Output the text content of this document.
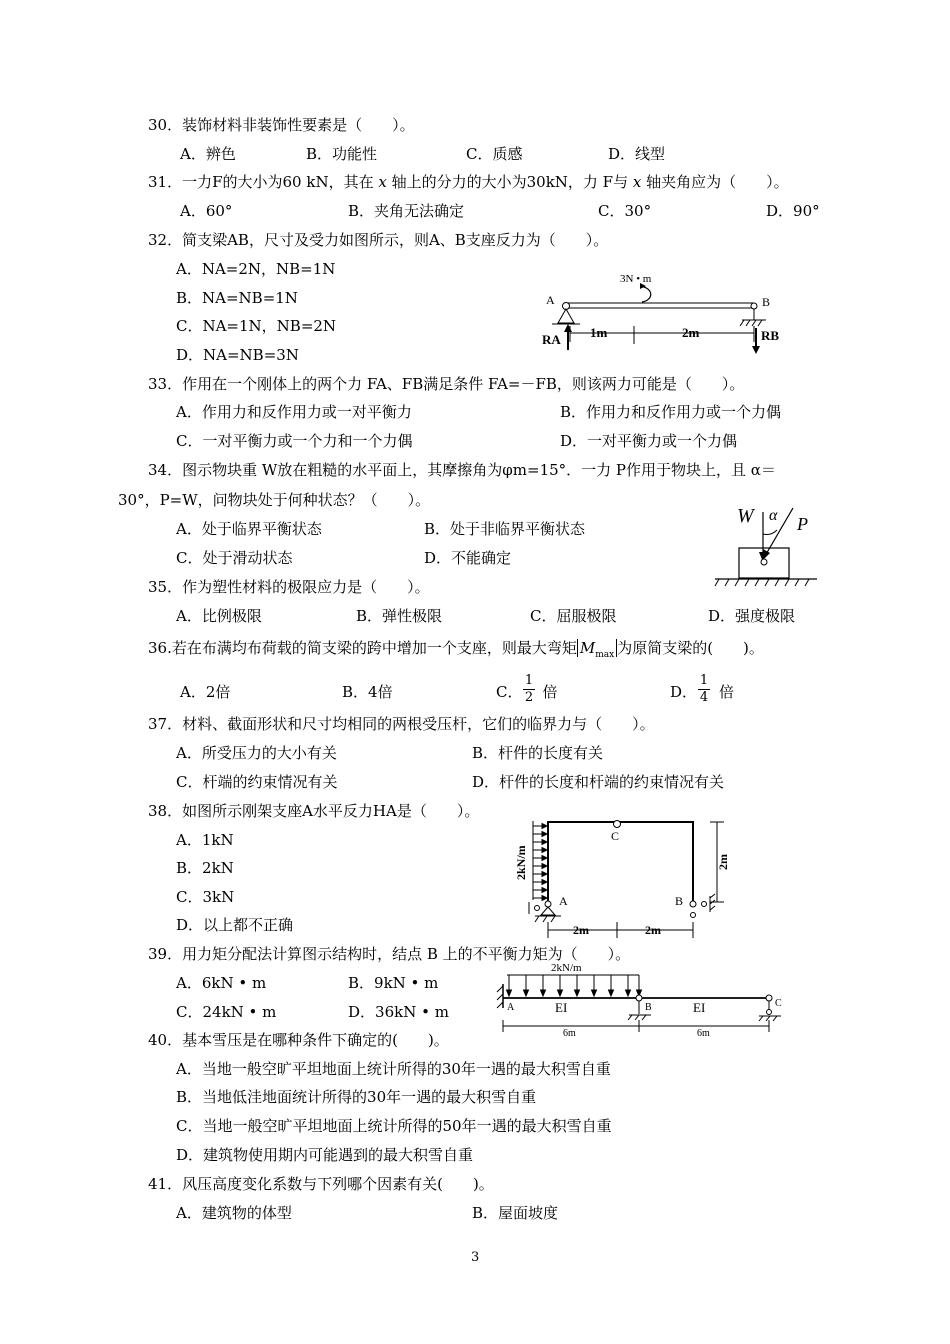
30．装饰材料非装饰性要素是（　　）。
A．辨色	B．功能性	C．质感	D．线型
31．一力F的大小为60 kN，其在 x 轴上的分力的大小为30kN，力 F与 x 轴夹角应为（　　）。
A．60°	B．夹角无法确定	C．30°	D．90°
32．简支梁AB，尺寸及受力如图所示，则A、B支座反力为（　　）。
A．NA=2N，NB=1N
B．NA=NB=1N
C．NA=1N，NB=2N
D．NA=NB=3N
3N • m
A	B
RA	RB
1m	2m
33．作用在一个刚体上的两个力 FA、FB满足条件 FA=－FB，则该两力可能是（　　）。
A．作用力和反作用力或一对平衡力	B．作用力和反作用力或一个力偶
C．一对平衡力或一个力和一个力偶	D．一对平衡力或一个力偶
34．图示物块重 W放在粗糙的水平面上，其摩擦角为φm=15°．一力 P作用于物块上，且 α＝
30°，P=W，问物块处于何种状态？（　　）。
A．处于临界平衡状态	B．处于非临界平衡状态
C．处于滑动状态	D．不能确定
W α P
35．作为塑性材料的极限应力是（　　）。
A．比例极限	B．弹性极限	C．屈服极限	D．强度极限
36.若在布满均布荷载的简支梁的跨中增加一个支座，则最大弯矩 $M_{max}$ 为原简支梁的(　　)。
A．2倍	B．4倍	C． 倍
$\frac{1}{2}$	D． 倍
$\frac{1}{4}$
37．材料、截面形状和尺寸均相同的两根受压杆，它们的临界力与（　　）。
A．所受压力的大小有关	B．杆件的长度有关
C．杆端的约束情况有关	D．杆件的长度和杆端的约束情况有关
38．如图所示刚架支座A水平反力HA是（　　）。
A．1kN
B．2kN
C．3kN
D．以上都不正确
2kN/m
C
A	B
2m
2m	2m
39．用力矩分配法计算图示结构时，结点 B 上的不平衡力矩为（　　）。
A．6kN • m	B．9kN • m
C．24kN • m	D．36kN • m
2kN/m
A	EI	EI
B	C
6m	6m
40．基本雪压是在哪种条件下确定的(　　)。
A．当地一般空旷平坦地面上统计所得的30年一遇的最大积雪自重
B．当地低洼地面统计所得的30年一遇的最大积雪自重
C．当地一般空旷平坦地面上统计所得的50年一遇的最大积雪自重
D．建筑物使用期内可能遇到的最大积雪自重
41．风压高度变化系数与下列哪个因素有关(　　)。
A．建筑物的体型	B．屋面坡度
3
